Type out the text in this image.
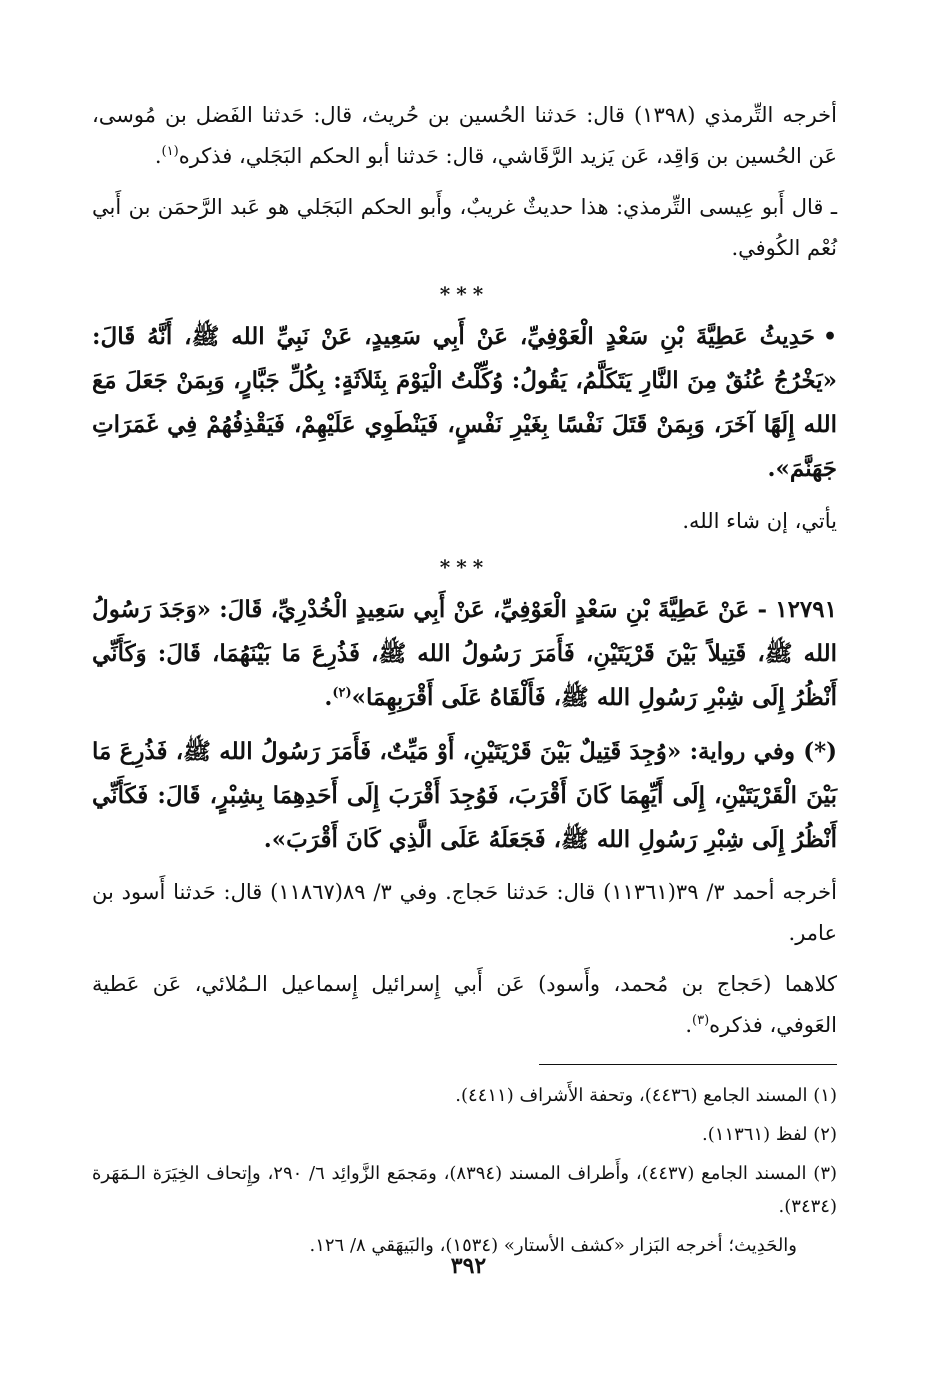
أخرجه التِّرمذي (١٣٩٨) قال: حَدثنا الحُسين بن حُريث، قال: حَدثنا الفَضل بن مُوسى، عَن الحُسين بن وَاقِد، عَن يَزيد الرَّقَاشي، قال: حَدثنا أبو الحكم البَجَلي، فذكره$^{(١)}$.

ـ قال أَبو عِيسى التِّرمذي: هذا حديثٌ غريبٌ، وأَبو الحكم البَجَلي هو عَبد الرَّحمَن بن أَبي نُعْم الكُوفي.

***

•حَدِيثُ عَطِيَّةَ بْنِ سَعْدٍ الْعَوْفِيِّ، عَنْ أَبِي سَعِيدٍ، عَنْ نَبِيِّ الله ﷺ، أَنَّهُ قَالَ: «يَخْرُجُ عُنُقٌ مِنَ النَّارِ يَتَكَلَّمُ، يَقُولُ: وُكِّلْتُ الْيَوْمَ بِثَلاَثَةٍ: بِكُلِّ جَبَّارٍ، وَبِمَنْ جَعَلَ مَعَ الله إِلَهًا آخَرَ، وَبِمَنْ قَتَلَ نَفْسًا بِغَيْرِ نَفْسٍ، فَيَنْطَوِي عَلَيْهِمْ، فَيَقْذِفُهُمْ فِي غَمَرَاتِ جَهَنَّمَ».

يأتي، إن شاء الله.

***

١٢٧٩١ - عَنْ عَطِيَّةَ بْنِ سَعْدٍ الْعَوْفِيِّ، عَنْ أَبِي سَعِيدٍ الْخُدْرِيِّ، قَالَ: «وَجَدَ رَسُولُ الله ﷺ، قَتِيلاً بَيْنَ قَرْيَتَيْنِ، فَأَمَرَ رَسُولُ الله ﷺ، فَذُرِعَ مَا بَيْنَهُمَا، قَالَ: وَكَأَنِّي أَنْظُرُ إِلَى شِبْرِ رَسُولِ الله ﷺ، فَأَلْقَاهُ عَلَى أَقْرَبِهِمَا»$^{(٢)}$.

(*) وفي رواية: «وُجِدَ قَتِيلٌ بَيْنَ قَرْيَتَيْنِ، أَوْ مَيِّتٌ، فَأَمَرَ رَسُولُ الله ﷺ، فَذُرِعَ مَا بَيْنَ الْقَرْيَتَيْنِ، إِلَى أَيِّهِمَا كَانَ أَقْرَبَ، فَوُجِدَ أَقْرَبَ إِلَى أَحَدِهِمَا بِشِبْرٍ، قَالَ: فَكَأَنِّي أَنْظُرُ إِلَى شِبْرِ رَسُولِ الله ﷺ، فَجَعَلَهُ عَلَى الَّذِي كَانَ أَقْرَبَ».

أخرجه أحمد ٣/ ٣٩(١١٣٦١) قال: حَدثنا حَجاج. وفي ٣/ ٨٩(١١٨٦٧) قال: حَدثنا أَسود بن عامر.

كلاهما (حَجاج بن مُحمد، وأَسود) عَن أَبي إِسرائيل إِسماعيل الـمُلائي، عَن عَطية العَوفي، فذكره$^{(٣)}$.

(١) المسند الجامع (٤٤٣٦)، وتحفة الأَشراف (٤٤١١).

(٢) لفظ (١١٣٦١).

(٣) المسند الجامع (٤٤٣٧)، وأَطراف المسند (٨٣٩٤)، ومَجمَع الزَّوائِد ٦/ ٢٩٠، وإِتحاف الخِيَرَة الـمَهَرة (٣٤٣٤).

والحَدِيث؛ أخرجه البَزار «كشف الأستار» (١٥٣٤)، والبَيهَقي ٨/ ١٢٦.

٣٩٢
